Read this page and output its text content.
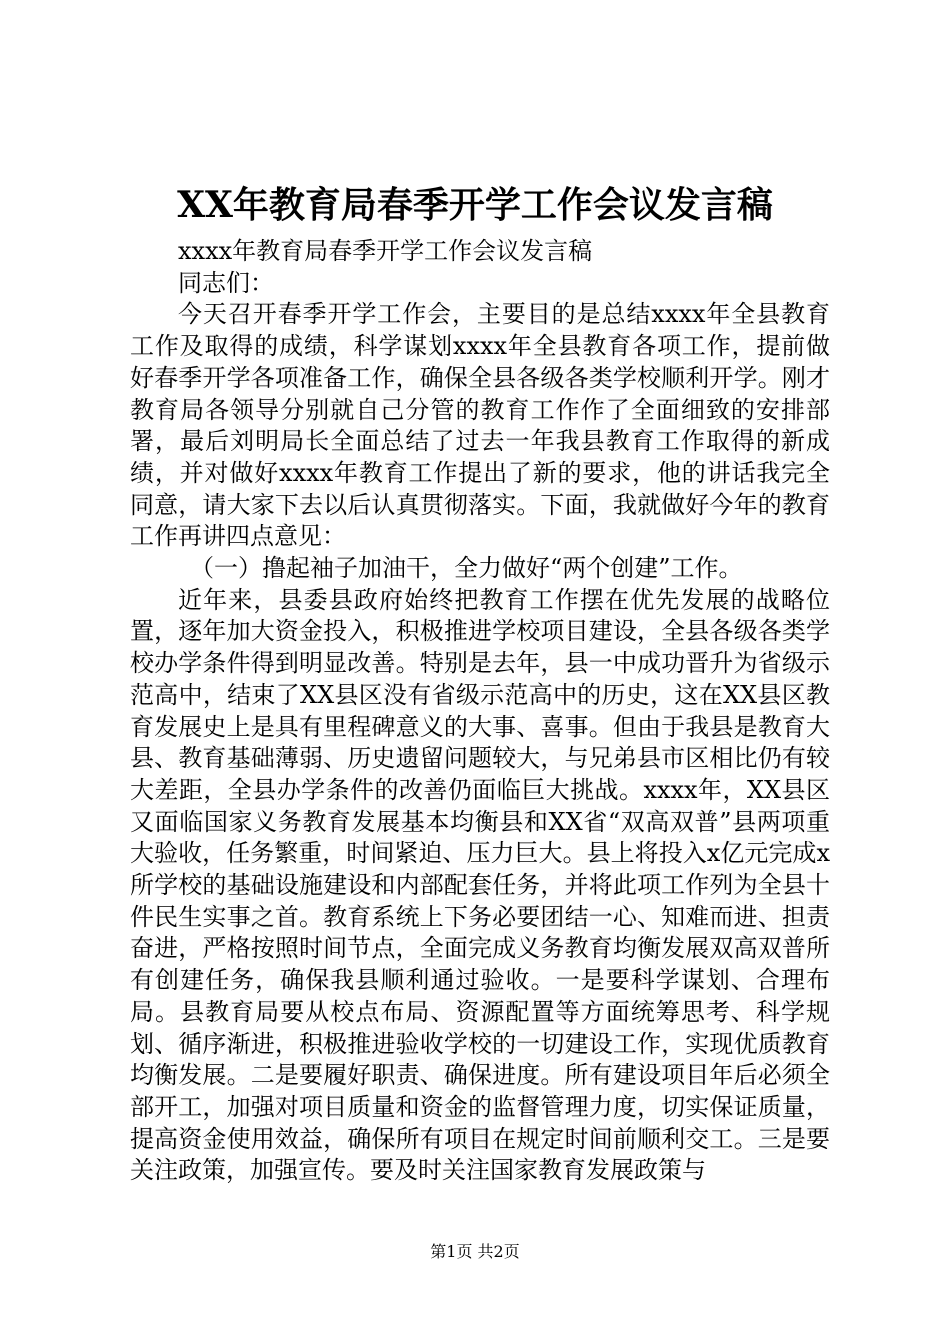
XX年教育局春季开学工作会议发言稿

xxxx年教育局春季开学工作会议发言稿

同志们：

今天召开春季开学工作会，主要目的是总结xxxx年全县教育工作及取得的成绩，科学谋划xxxx年全县教育各项工作，提前做好春季开学各项准备工作，确保全县各级各类学校顺利开学。刚才教育局各领导分别就自己分管的教育工作作了全面细致的安排部署，最后刘明局长全面总结了过去一年我县教育工作取得的新成绩，并对做好xxxx年教育工作提出了新的要求，他的讲话我完全同意，请大家下去以后认真贯彻落实。下面，我就做好今年的教育工作再讲四点意见：

（一）撸起袖子加油干，全力做好“两个创建”工作。

近年来，县委县政府始终把教育工作摆在优先发展的战略位置，逐年加大资金投入，积极推进学校项目建设，全县各级各类学校办学条件得到明显改善。特别是去年，县一中成功晋升为省级示范高中，结束了XX县区没有省级示范高中的历史，这在XX县区教育发展史上是具有里程碑意义的大事、喜事。但由于我县是教育大县、教育基础薄弱、历史遗留问题较大，与兄弟县市区相比仍有较大差距，全县办学条件的改善仍面临巨大挑战。xxxx年，XX县区又面临国家义务教育发展基本均衡县和XX省“双高双普”县两项重大验收，任务繁重，时间紧迫、压力巨大。县上将投入x亿元完成x所学校的基础设施建设和内部配套任务，并将此项工作列为全县十件民生实事之首。教育系统上下务必要团结一心、知难而进、担责奋进，严格按照时间节点，全面完成义务教育均衡发展双高双普所有创建任务，确保我县顺利通过验收。一是要科学谋划、合理布局。县教育局要从校点布局、资源配置等方面统筹思考、科学规划、循序渐进，积极推进验收学校的一切建设工作，实现优质教育均衡发展。二是要履好职责、确保进度。所有建设项目年后必须全部开工，加强对项目质量和资金的监督管理力度，切实保证质量，提高资金使用效益，确保所有项目在规定时间前顺利交工。三是要关注政策，加强宣传。要及时关注国家教育发展政策与

第1页 共2页
